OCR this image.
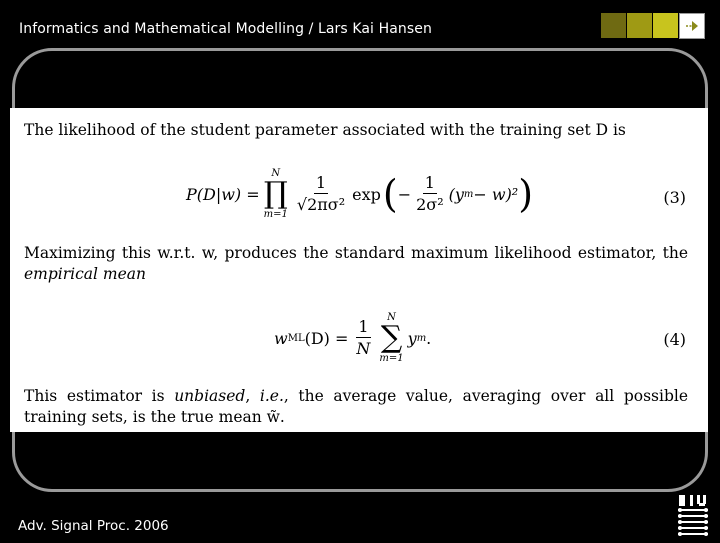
Informatics and Mathematical Modelling / Lars Kai Hansen

The likelihood of the student parameter associated with the training set D is

P(D|w) =
N
∏
m=1
$\frac{1}{\text{√2πσ²}}$ exp ( − $\frac{1}{\text{2σ²}} (y$ m − w)² )	(3)

Maximizing this w.r.t. w, produces the standard maximum likelihood estimator, the empirical mean

w ML $(D) = \frac{1}{N}$
N
∑
m=1
y m .	(4)

This estimator is unbiased, i.e., the average value, averaging over all possible training sets, is the true mean w̃.

Adv. Signal Proc. 2006
